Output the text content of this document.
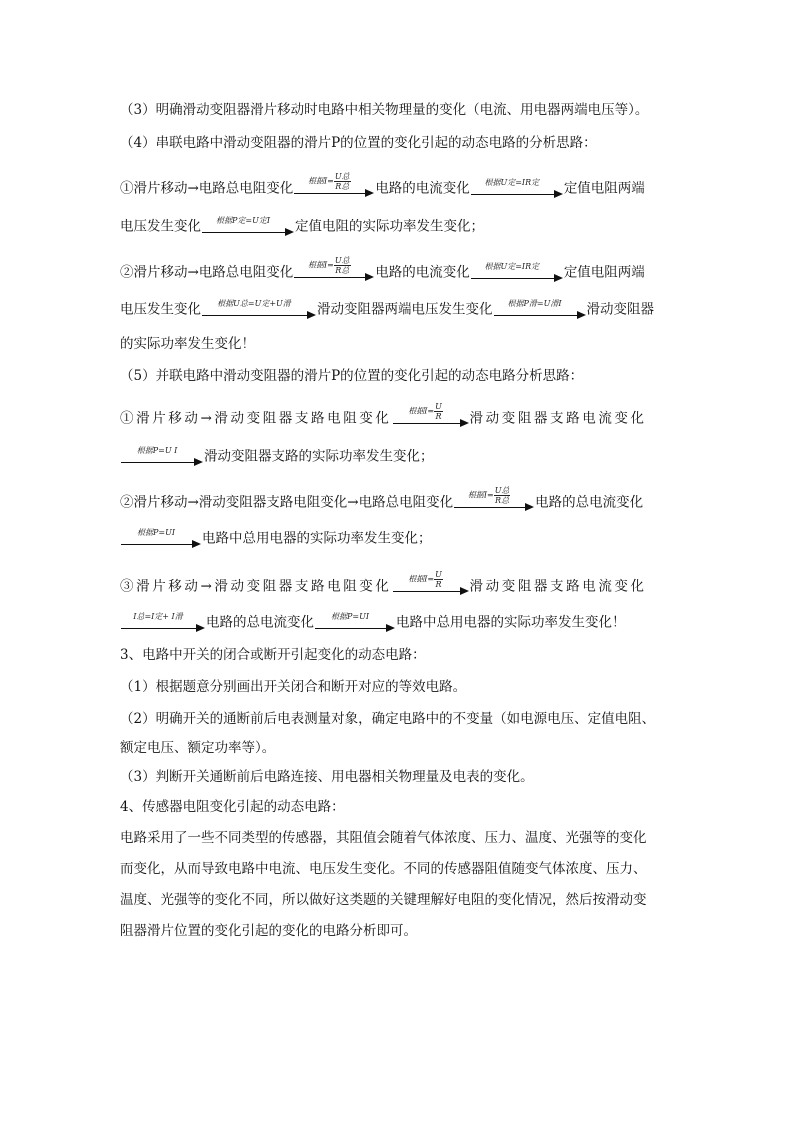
（3）明确滑动变阻器滑片移动时电路中相关物理量的变化（电流、用电器两端电压等）。
（4）串联电路中滑动变阻器的滑片P的位置的变化引起的动态电路的分析思路：
①滑片移动→电路总电阻变化	根据$I= \frac{\text{U总}}{\text{R总}}$ 电路的电流变化	根据U定=IR定	定值电阻两端
电压发生变化	根据P定=U定I	定值电阻的实际功率发生变化；
②滑片移动→电路总电阻变化	根据$I= \frac{\text{U总}}{\text{R总}}$ 电路的电流变化	根据U定=IR定	定值电阻两端
电压发生变化	根据U总=U定+U滑	滑动变阻器两端电压发生变化	根据P滑=U滑I	滑动变阻器
的实际功率发生变化！
（5）并联电路中滑动变阻器的滑片P的位置的变化引起的动态电路分析思路：
①滑片移动→滑动变阻器支路电阻变化	根据$I= \frac{U}{R}$ 滑动变阻器支路电流变化
根据P=U I	滑动变阻器支路的实际功率发生变化；
②滑片移动→滑动变阻器支路电阻变化→电路总电阻变化	根据$I= \frac{\text{U总}}{\text{R总}}$ 电路的总电流变化
根据P=UI	电路中总用电器的实际功率发生变化；
③滑片移动→滑动变阻器支路电阻变化	根据$I= \frac{U}{R}$ 滑动变阻器支路电流变化
I总=I定+ I滑	电路的总电流变化	根据P=UI	电路中总用电器的实际功率发生变化！
3、电路中开关的闭合或断开引起变化的动态电路：
（1）根据题意分别画出开关闭合和断开对应的等效电路。
（2）明确开关的通断前后电表测量对象，确定电路中的不变量（如电源电压、定值电阻、
额定电压、额定功率等）。
（3）判断开关通断前后电路连接、用电器相关物理量及电表的变化。
4、传感器电阻变化引起的动态电路：
电路采用了一些不同类型的传感器，其阻值会随着气体浓度、压力、温度、光强等的变化
而变化，从而导致电路中电流、电压发生变化。不同的传感器阻值随变气体浓度、压力、
温度、光强等的变化不同，所以做好这类题的关键理解好电阻的变化情况，然后按滑动变
阻器滑片位置的变化引起的变化的电路分析即可。
